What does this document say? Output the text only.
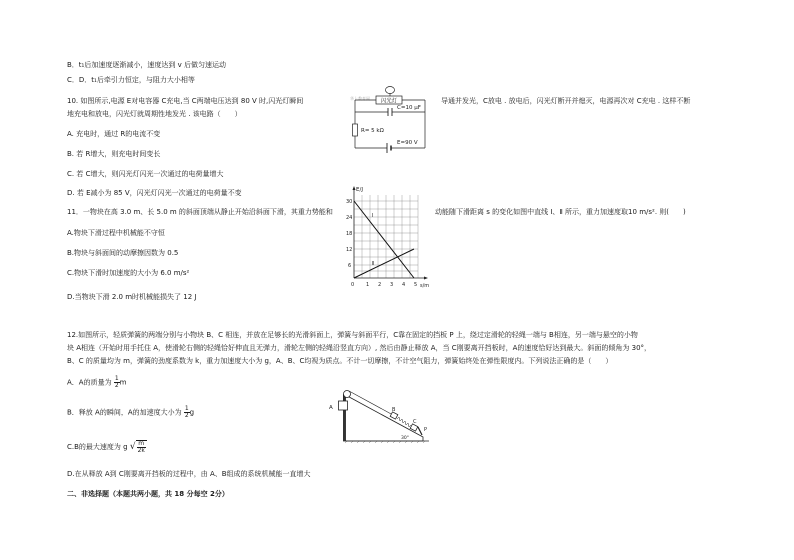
B．t₁后加速度逐渐减小，速度达到 v 后做匀速运动
C．D．t₁后牵引力恒定，与阻力大小相等
10. 如图所示,电源 E对电容器 C充电,当 C两端电压达到 80 V 时,闪光灯瞬间	导通并发光，C放电 . 放电后，闪光灯断开并熄灭，电源再次对 C充电 . 这样不断
地充电和放电，闪光灯就周期性地发光 . 该电路（　　）
A. 充电时，通过 R的电流不变
B. 若 R增大，则充电时间变长
C. 若 C增大，则闪光灯闪光一次通过的电荷量增大
D. 若 E减小为 85 V，闪光灯闪光一次通过的电荷量不变
闪光灯
华上教育网
C=10 μF
R= 5 kΩ
E=90 V
11．一物块在高 3.0 m、长 5.0 m 的斜面顶端从静止开始沿斜面下滑，其重力势能和	动能随下滑距离 s 的变化如图中直线 Ⅰ、Ⅱ 所示，重力加速度取10 m/s². 则(　　)
A.物块下滑过程中机械能不守恒
B.物块与斜面间的动摩擦因数为 0.5
C.物块下滑时加速度的大小为 6.0 m/s²
D.当物块下滑 2.0 m时机械能损失了 12 J
E/J
s/m
30
24
18
12
6
0 1 2 3 4 5
Ⅰ
Ⅱ
12.如图所示，轻质弹簧的两端分别与小物块 B、C 相连，并放在足够长的光滑斜面上，弹簧与斜面平行，C靠在固定的挡板 P 上，绕过定滑轮的轻绳一端与 B相连，另一端与悬空的小物
块 A相连（开始时用手托住 A，使滑轮右侧的轻绳恰好伸直且无弹力，滑轮左侧的轻绳沿竖直方向）, 然后由静止释放 A，当 C刚要离开挡板时，A的速度恰好达到最大。斜面的倾角为 30°，
B、C 的质量均为 m，弹簧的劲度系数为 k，重力加速度大小为 g，A、B、C均视为质点。不计一切摩擦，不计空气阻力，弹簧始终处在弹性限度内。下列说法正确的是（　　）
A．A的质量为 $\frac{1}{2}$ m
B．释放 A的瞬间，A的加速度大小为 $\frac{1}{2}$ g
C.B的最大速度为 g √ $\frac{m}{2k}$
D.在从释放 A到 C刚要离开挡板的过程中，由 A、B组成的系统机械能一直增大
A	B
C
P
30°
二、非选择题（本题共两小题，共 18 分每空 2分）
